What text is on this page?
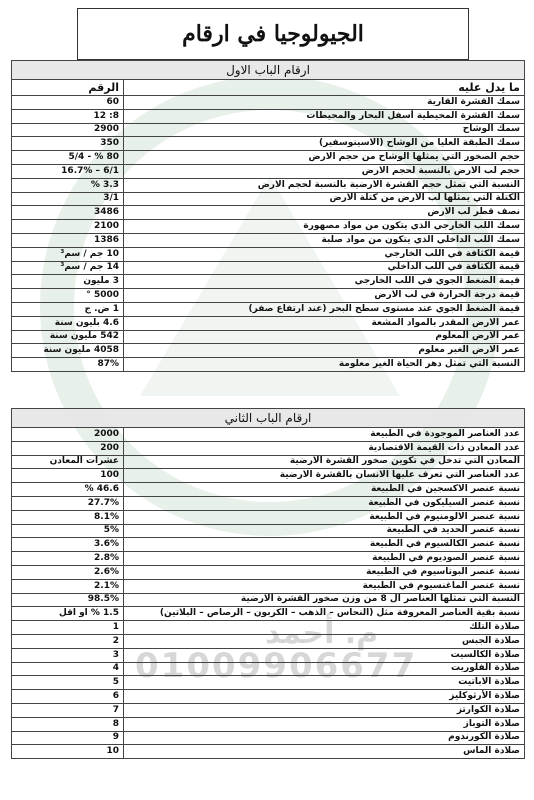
م. أحمد
01009906677
الجيولوجيا في ارقام
ارقام الباب الاول	
الرقم	ما يدل عليه
60	سمك القشرة القارية
8: 12	سمك القشرة المحيطية أسفل البحار والمحيطات
2900	سمك الوشاح
350	سمك الطبقة العليا من الوشاح (الاسينوسفير)
80 % - 5/4	حجم الصخور التي يمثلها الوشاح من حجم الارض
6/1 – 16.7%	حجم لب الارض بالنسبة لحجم الارض
3.3 %	النسبة التي تمثل حجم القشرة الارضية بالنسبة لحجم الارض
3/1	الكتلة التي يمثلها لب الارض من كتلة الارض
3486	نصف قطر لب الارض
2100	سمك اللب الخارجي الذي يتكون من مواد مصهورة
1386	سمك اللب الداخلي الذي يتكون من مواد صلبة
10 جم / سم³	قيمة الكثافة في اللب الخارجي
14 جم / سم³	قيمة الكثافة في اللب الداخلي
3 مليون	قيمة الضغط الجوي في اللب الخارجي
5000 °	قيمة درجة الحرارة في لب الارض
1 ض. ج	قيمة الضغط الجوي عند مستوى سطح البحر (عند ارتفاع صفر)
4.6 بليون سنة	عمر الارض المقدر بالمواد المشعة
542 مليون سنة	عمر الارض المعلوم
4058 مليون سنة	عمر الارض الغير معلوم
87%	النسبة التي تمثل دهر الحياة الغير معلومة
ارقام الباب الثاني	
2000	عدد العناصر الموجودة في الطبيعة
200	عدد المعادن ذات القيمة الاقتصادية
عشرات المعادن	المعادن التي تدخل في تكوين صخور القشرة الارضية
100	عدد العناصر التي تعرف عليها الانسان بالقشرة الارضية
46.6 %	نسبة عنصر الاكسجين في الطبيعة
27.7%	نسبة عنصر السيليكون في الطبيعة
8.1%	نسبة عنصر الالومنيوم في الطبيعة
5%	نسبة عنصر الحديد في الطبيعة
3.6%	نسبة عنصر الكالسيوم في الطبيعة
2.8%	نسبة عنصر الصوديوم في الطبيعة
2.6%	نسبة عنصر البوتاسيوم في الطبيعة
2.1%	نسبة عنصر الماغنسيوم في الطبيعة
98.5%	النسبة التي تمثلها العناصر ال 8 من وزن صخور القشرة الارضية
1.5 % او اقل	نسبة بقية العناصر المعروفة مثل (النحاس – الذهب – الكربون – الرصاص – البلاتين)
1	صلادة التلك
2	صلادة الجبس
3	صلادة الكالسيت
4	صلادة الفلوريت
5	صلادة الاباتيت
6	صلادة الأرثوكليز
7	صلادة الكوارتز
8	صلادة التوباز
9	صلادة الكورندوم
10	صلادة الماس
